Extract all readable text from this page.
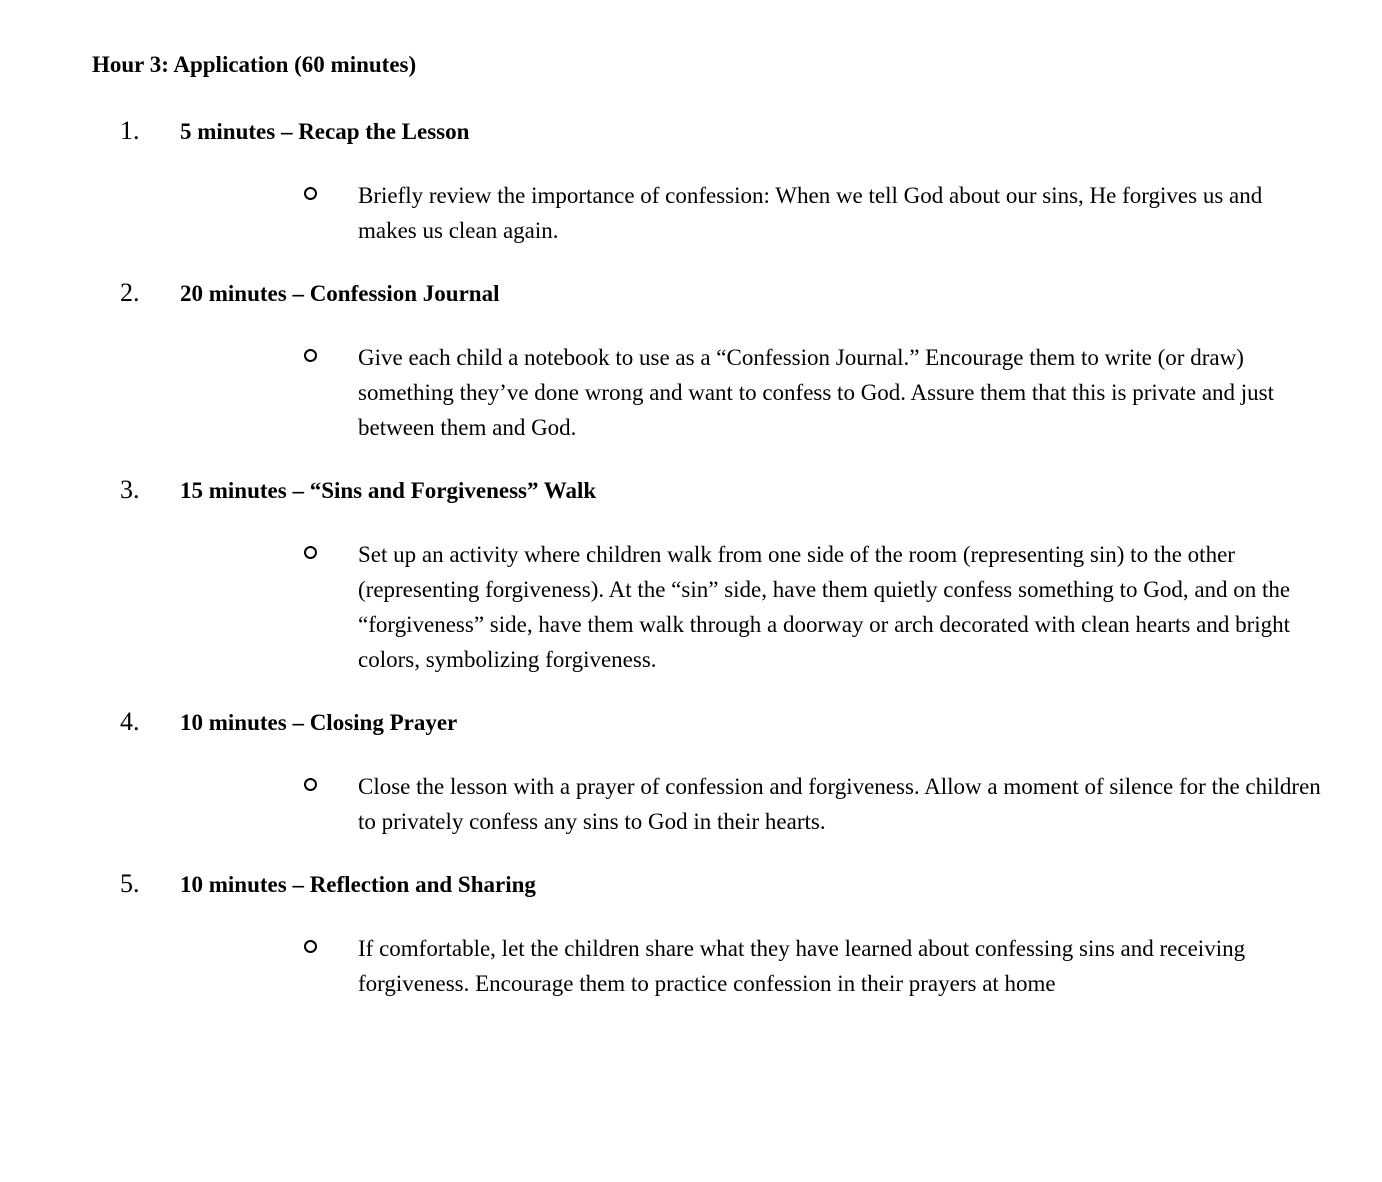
Hour 3: Application (60 minutes)
1.	5 minutes – Recap the Lesson
Briefly review the importance of confession: When we tell God about our sins, He forgives us and makes us clean again.
2.	20 minutes – Confession Journal
Give each child a notebook to use as a “Confession Journal.” Encourage them to write (or draw) something they’ve done wrong and want to confess to God. Assure them that this is private and just between them and God.
3.	15 minutes – “Sins and Forgiveness” Walk
Set up an activity where children walk from one side of the room (representing sin) to the other (representing forgiveness). At the “sin” side, have them quietly confess something to God, and on the “forgiveness” side, have them walk through a doorway or arch decorated with clean hearts and bright colors, symbolizing forgiveness.
4.	10 minutes – Closing Prayer
Close the lesson with a prayer of confession and forgiveness. Allow a moment of silence for the children to privately confess any sins to God in their hearts.
5.	10 minutes – Reflection and Sharing
If comfortable, let the children share what they have learned about confessing sins and receiving forgiveness. Encourage them to practice confession in their prayers at home
